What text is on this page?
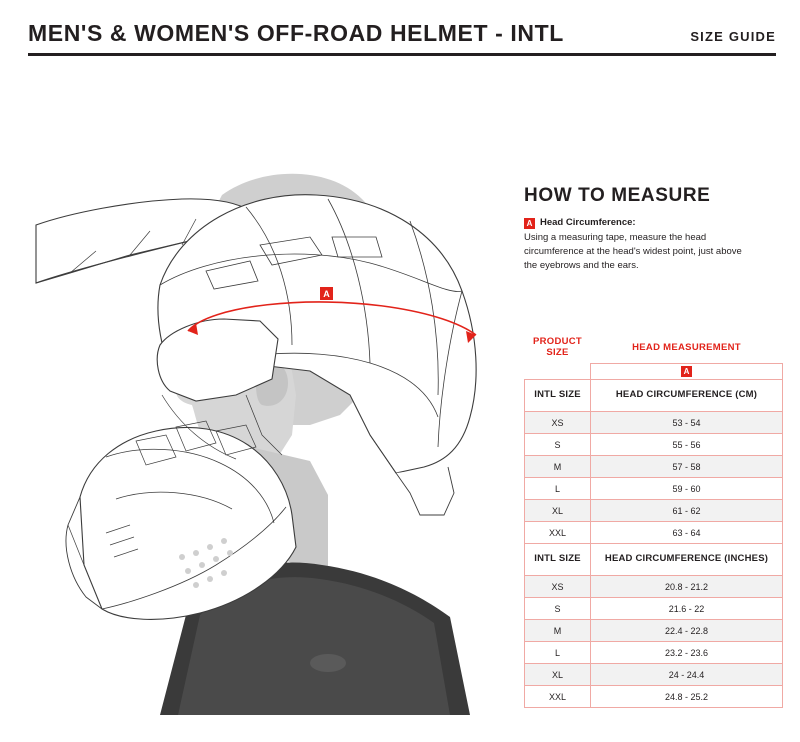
MEN'S & WOMEN'S OFF-ROAD HELMET - INTL	SIZE GUIDE
A
HOW TO MEASURE
A Head Circumference:
Using a measuring tape, measure the head circumference at the head's widest point, just above the eyebrows and the ears.
PRODUCT SIZE	HEAD MEASUREMENT
	A
INTL SIZE	HEAD CIRCUMFERENCE (CM)
XS	53 - 54
S	55 - 56
M	57 - 58
L	59 - 60
XL	61 - 62
XXL	63 - 64
INTL SIZE	HEAD CIRCUMFERENCE (INCHES)
XS	20.8 - 21.2
S	21.6 - 22
M	22.4 - 22.8
L	23.2 - 23.6
XL	24 - 24.4
XXL	24.8 - 25.2
